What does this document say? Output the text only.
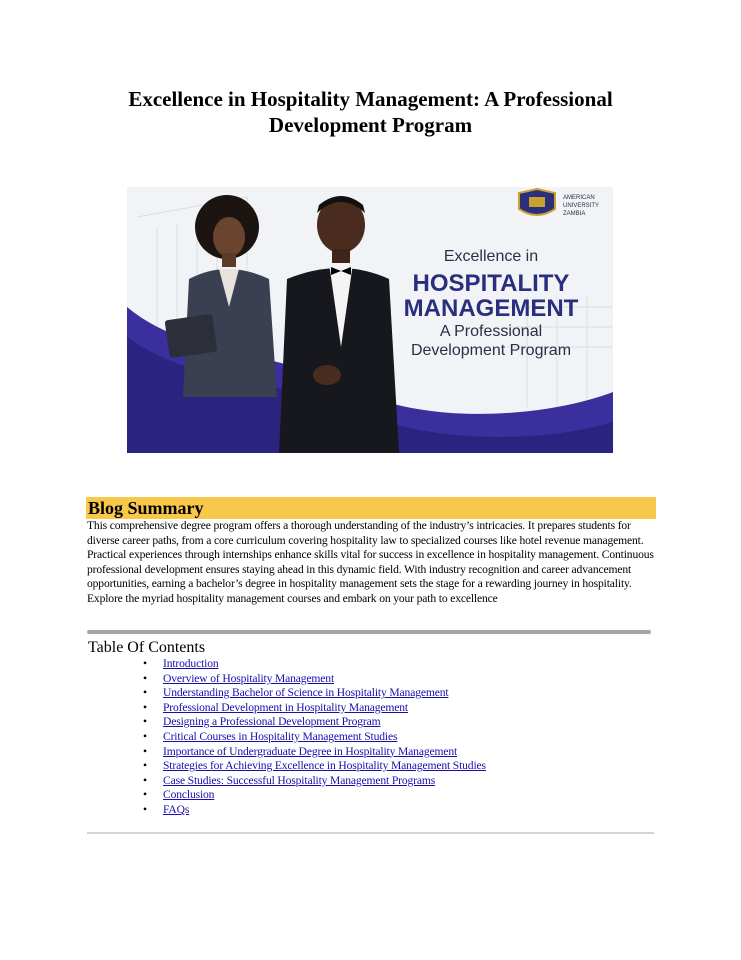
Excellence in Hospitality Management: A Professional Development Program
AMERICAN
UNIVERSITY
ZAMBIA
Excellence in
HOSPITALITY
MANAGEMENT
A Professional
Development Program
Blog Summary

This comprehensive degree program offers a thorough understanding of the industry’s intricacies. It prepares students for diverse career paths, from a core curriculum covering hospitality law to specialized courses like hotel revenue management. Practical experiences through internships enhance skills vital for success in excellence in hospitality management. Continuous professional development ensures staying ahead in this dynamic field. With industry recognition and career advancement opportunities, earning a bachelor’s degree in hospitality management sets the stage for a rewarding journey in hospitality. Explore the myriad hospitality management courses and embark on your path to excellence

Table Of Contents
• Introduction
• Overview of Hospitality Management
• Understanding Bachelor of Science in Hospitality Management
• Professional Development in Hospitality Management
• Designing a Professional Development Program
• Critical Courses in Hospitality Management Studies
• Importance of Undergraduate Degree in Hospitality Management
• Strategies for Achieving Excellence in Hospitality Management Studies
• Case Studies: Successful Hospitality Management Programs
• Conclusion
• FAQs
